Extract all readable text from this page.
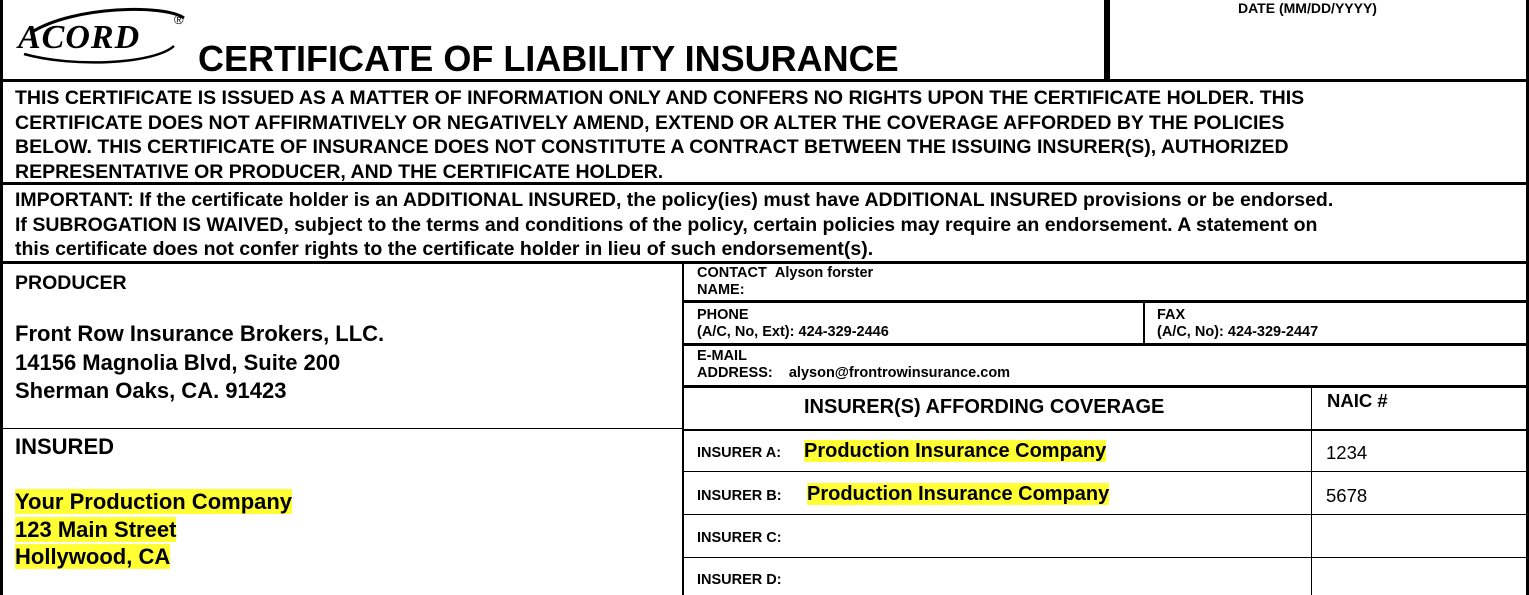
ACORD	®
CERTIFICATE OF LIABILITY INSURANCE
DATE (MM/DD/YYYY)
THIS CERTIFICATE IS ISSUED AS A MATTER OF INFORMATION ONLY AND CONFERS NO RIGHTS UPON THE CERTIFICATE HOLDER. THIS
CERTIFICATE DOES NOT AFFIRMATIVELY OR NEGATIVELY AMEND, EXTEND OR ALTER THE COVERAGE AFFORDED BY THE POLICIES
BELOW. THIS CERTIFICATE OF INSURANCE DOES NOT CONSTITUTE A CONTRACT BETWEEN THE ISSUING INSURER(S), AUTHORIZED
REPRESENTATIVE OR PRODUCER, AND THE CERTIFICATE HOLDER.
IMPORTANT: If the certificate holder is an ADDITIONAL INSURED, the policy(ies) must have ADDITIONAL INSURED provisions or be endorsed.
If SUBROGATION IS WAIVED, subject to the terms and conditions of the policy, certain policies may require an endorsement. A statement on
this certificate does not confer rights to the certificate holder in lieu of such endorsement(s).
PRODUCER
Front Row Insurance Brokers, LLC.
14156 Magnolia Blvd, Suite 200
Sherman Oaks, CA. 91423
INSURED
Your Production Company
123 Main Street
Hollywood, CA
CONTACT Alyson forster
NAME:
PHONE
(A/C, No, Ext): 424-329-2446
FAX
(A/C, No): 424-329-2447
E-MAIL
ADDRESS: alyson@frontrowinsurance.com
INSURER(S) AFFORDING COVERAGE	NAIC #
INSURER A: Production Insurance Company	1234
INSURER B: Production Insurance Company	5678
INSURER C:
INSURER D:
